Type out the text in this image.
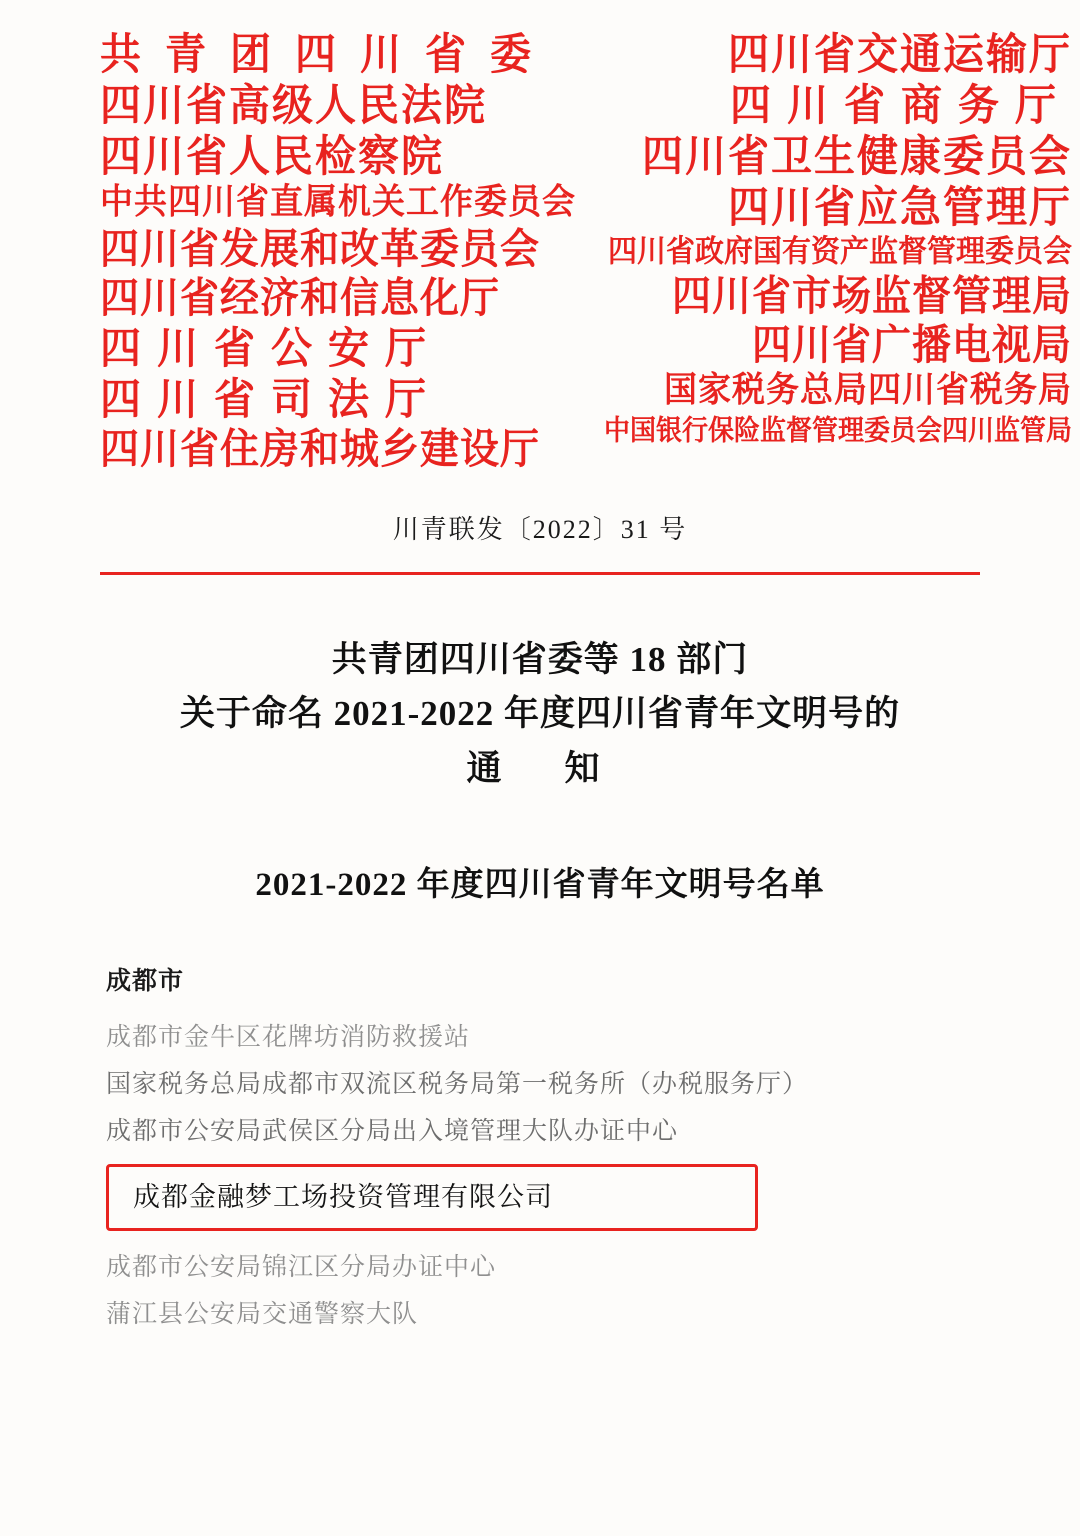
共青团四川省委
四川省高级人民法院
四川省人民检察院
中共四川省直属机关工作委员会
四川省发展和改革委员会
四川省经济和信息化厅
四川省公安厅
四川省司法厅
四川省住房和城乡建设厅
四川省交通运输厅
四川省商务厅
四川省卫生健康委员会
四川省应急管理厅
四川省政府国有资产监督管理委员会
四川省市场监督管理局
四川省广播电视局
国家税务总局四川省税务局
中国银行保险监督管理委员会四川监管局
川青联发〔2022〕31 号
共青团四川省委等 18 部门
关于命名 2021-2022 年度四川省青年文明号的
通　知
2021-2022 年度四川省青年文明号名单
成都市
成都市金牛区花牌坊消防救援站
国家税务总局成都市双流区税务局第一税务所（办税服务厅）
成都市公安局武侯区分局出入境管理大队办证中心
成都金融梦工场投资管理有限公司
成都市公安局锦江区分局办证中心
蒲江县公安局交通警察大队
